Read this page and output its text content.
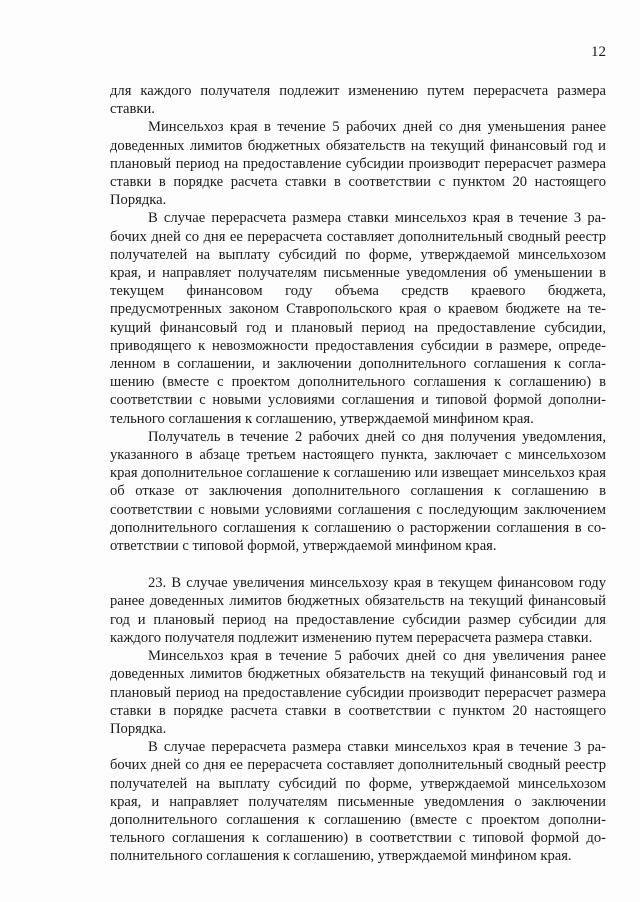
12

для каждого получателя подлежит изменению путем перерасчета размера ставки.

Минсельхоз края в течение 5 рабочих дней со дня уменьшения ранее доведенных лимитов бюджетных обязательств на текущий финансовый год и плановый период на предоставление субсидии производит перерасчет размера ставки в порядке расчета ставки в соответствии с пунктом 20 настоящего Порядка.

В случае перерасчета размера ставки минсельхоз края в течение 3 рабочих дней со дня ее перерасчета составляет дополнительный сводный реестр получателей на выплату субсидий по форме, утверждаемой минсельхозом края, и направляет получателям письменные уведомления об уменьшении в текущем финансовом году объема средств краевого бюджета, предусмотренных законом Ставропольского края о краевом бюджете на текущий финансовый год и плановый период на предоставление субсидии, приводящего к невозможности предоставления субсидии в размере, определенном в соглашении, и заключении дополнительного соглашения к соглашению (вместе с проектом дополнительного соглашения к соглашению) в соответствии с новыми условиями соглашения и типовой формой дополнительного соглашения к соглашению, утверждаемой минфином края.

Получатель в течение 2 рабочих дней со дня получения уведомления, указанного в абзаце третьем настоящего пункта, заключает с минсельхозом края дополнительное соглашение к соглашению или извещает минсельхоз края об отказе от заключения дополнительного соглашения к соглашению в соответствии с новыми условиями соглашения с последующим заключением дополнительного соглашения к соглашению о расторжении соглашения в соответствии с типовой формой, утверждаемой минфином края.

23. В случае увеличения минсельхозу края в текущем финансовом году ранее доведенных лимитов бюджетных обязательств на текущий финансовый год и плановый период на предоставление субсидии размер субсидии для каждого получателя подлежит изменению путем перерасчета размера ставки.

Минсельхоз края в течение 5 рабочих дней со дня увеличения ранее доведенных лимитов бюджетных обязательств на текущий финансовый год и плановый период на предоставление субсидии производит перерасчет размера ставки в порядке расчета ставки в соответствии с пунктом 20 настоящего Порядка.

В случае перерасчета размера ставки минсельхоз края в течение 3 рабочих дней со дня ее перерасчета составляет дополнительный сводный реестр получателей на выплату субсидий по форме, утверждаемой минсельхозом края, и направляет получателям письменные уведомления о заключении дополнительного соглашения к соглашению (вместе с проектом дополнительного соглашения к соглашению) в соответствии с типовой формой дополнительного соглашения к соглашению, утверждаемой минфином края.
